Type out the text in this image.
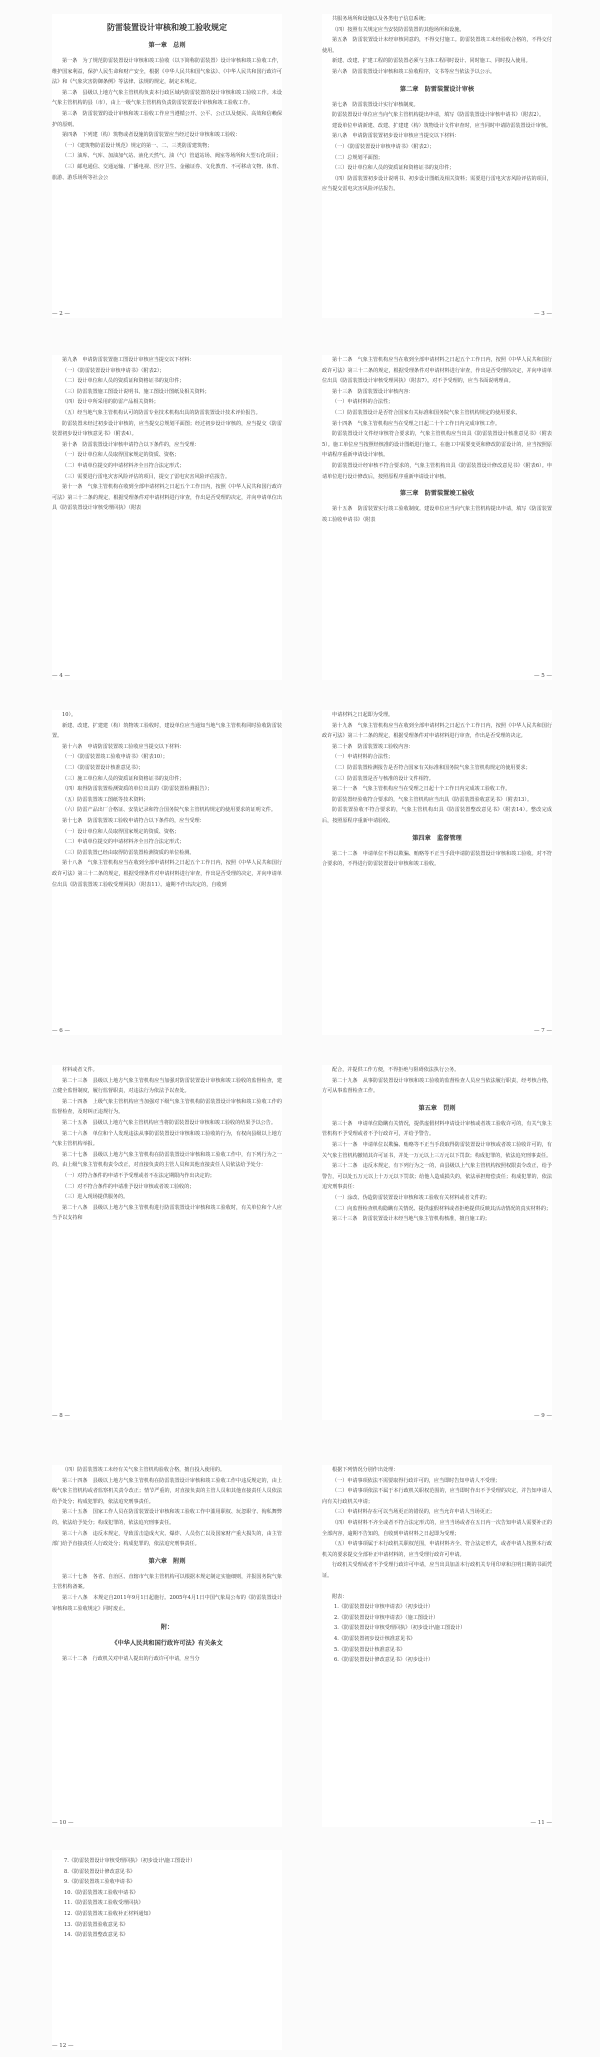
防雷装置设计审核和竣工验收规定
第一章　总则

第一条　为了规范防雷装置设计审核和竣工验收（以下简称防雷装置）设计审核和竣工验收工作，维护国家利益，保护人民生命和财产安全，根据《中华人民共和国气象法》、《中华人民共和国行政许可法》和《气象灾害防御条例》等法律、法规的规定，制定本规定。

第二条　县级以上地方气象主管机构负责本行政区域内防雷装置的设计审核和竣工验收工作。未设气象主管机构的县（市），由上一级气象主管机构负责防雷装置设计审核和竣工验收工作。

第三条　防雷装置的设计审核和竣工验收工作应当遵循公开、公平、公正以及便民、高效和信赖保护的原则。

第四条　下列建（构）筑物或者设施的防雷装置应当经过设计审核和竣工验收：

（一）《建筑物防雷设计规范》规定的第一、二、三类防雷建筑物；

（二）油库、气库、加油加气站、液化天然气、油（气）管道站场、阀室等场所和大型石化项目；

（三）邮电通信、交通运输、广播电视、医疗卫生、金融证券、文化教育、不可移动文物、体育、旅游、游乐场所等社会公

— 2 —

共服务场所和设施以及各类电子信息系统；

（四）按照有关规定应当安装防雷装置的其他场所和设施。

第五条　防雷装置设计未经审核同意的，不得交付施工。防雷装置竣工未经验收合格的，不得交付使用。

新建、改建、扩建工程的防雷装置必须与主体工程同时设计、同时施工、同时投入使用。

第六条　防雷装置设计审核和竣工验收程序，文书等应当依法予以公示。

第二章　防雷装置设计审核

第七条　防雷装置设计实行审核制度。

防雷装置设计单位应当向气象主管机构提出申请，填写《防雷装置设计审核申请书》（附表2）。

建设单位申请新建、改建、扩建建（构）筑物设计文件审查时，应当同时申请防雷装置设计审核。

第八条　申请防雷装置初步设计审核应当提交以下材料：

（一）《防雷装置设计审核申请书》（附表2）；

（二）总规划平面图；

（三）设计单位和人员的资质证和资格证书的复印件；

（四）防雷装置初步设计说明书、初步设计图纸及相关资料；需要进行雷电灾害风险评估的项目，应当提交雷电灾害风险评估报告。

— 3 —

第九条　申请防雷装置施工图设计审核应当提交以下材料：

（一）《防雷装置设计审核申请书》（附表2）；

（二）设计单位和人员的资质证和资格证书的复印件；

（三）防雷装置施工图设计说明书、施工图设计图纸及相关资料；

（四）设计中所采用的防雷产品相关资料；

（五）经当地气象主管机构认可的防雷专业技术机构出具的防雷装置设计技术评价报告。

防雷装置未经过初步设计审核的，应当提交总规划平面图；经过初步设计审核的，应当提交《防雷装置初步设计审核意见书》（附表4）。

第十条　防雷装置设计审核申请符合以下条件的，应当受理：

（一）设计单位和人员取得国家规定的资质、资格；

（二）申请单位提交的申请材料齐全且符合法定形式；

（三）需要进行雷电灾害风险评估的项目，提交了雷电灾害风险评估报告。

第十一条　气象主管机构在收到全部申请材料之日起五个工作日内，按照《中华人民共和国行政许可法》第三十二条的规定，根据受理条件对申请材料进行审查，作出是否受理的决定，并向申请单位出具《防雷装置设计审核受理回执》（附表

— 4 —

第十二条　气象主管机构应当在收到全部申请材料之日起五个工作日内，按照《中华人民共和国行政许可法》第三十二条的规定，根据受理条件对申请材料进行审查，作出是否受理的决定，并向申请单位出具《防雷装置设计审核受理回执》（附表7）。对不予受理的，应当书面说明理由。

第十三条　防雷装置设计审核内容：

（一）申请材料的合法性；

（二）防雷装置设计是否符合国家有关标准和国务院气象主管机构规定的使用要求。

第十四条　气象主管机构应当在受理之日起二十个工作日内完成审核工作。

防雷装置设计文件经审核符合要求的，气象主管机构应当出具《防雷装置设计核准意见书》（附表5）。施工单位应当按照经核准的设计图纸进行施工。在施工中需要变更和修改防雷设计的，应当按照原申请程序重新申请设计审核。

防雷装置设计经审核不符合要求的，气象主管机构出具《防雷装置设计修改意见书》（附表6）。申请单位进行设计修改后，按照原程序重新申请设计审核。

第三章　防雷装置竣工验收

第十五条　防雷装置实行竣工验收制度。建设单位应当向气象主管机构提出申请，填写《防雷装置竣工验收申请书》（附表

— 5 —

10）。

新建、改建、扩建建（构）筑物竣工验收时，建设单位应当通知当地气象主管机构同时验收防雷装置。

第十六条　申请防雷装置竣工验收应当提交以下材料：

（一）《防雷装置竣工验收申请书》（附表10）；

（二）《防雷装置设计核准意见书》；

（三）施工单位和人员的资质证和资格证书的复印件；

（四）取得防雷装置检测资质的单位出具的《防雷装置检测报告》；

（五）防雷装置竣工图纸等技术资料；

（六）防雷产品出厂合格证、安装记录和符合国务院气象主管机构规定的使用要求的证明文件。

第十七条　防雷装置竣工验收申请符合以下条件的，应当受理：

（一）设计单位和人员取得国家规定的资质、资格；

（二）申请单位提交的申请材料齐全且符合法定形式；

（三）防雷装置已经由取得防雷装置检测资质的单位检测。

第十八条　气象主管机构应当在收到全部申请材料之日起五个工作日内，按照《中华人民共和国行政许可法》第三十二条的规定，根据受理条件对申请材料进行审查，作出是否受理的决定，并向申请单位出具《防雷装置竣工验收受理回执》（附表11）。逾期不作出决定的，自收到

— 6 —

申请材料之日起即为受理。

第十九条　气象主管机构应当在收到全部申请材料之日起五个工作日内，按照《中华人民共和国行政许可法》第三十二条的规定，根据受理条件对申请材料进行审查，作出是否受理的决定。

第二十条　防雷装置竣工验收内容：

（一）申请材料的合法性；

（二）防雷装置检测报告是否符合国家有关标准和国务院气象主管机构规定的使用要求；

（三）防雷装置是否与核准的设计文件相符。

第二十一条　气象主管机构应当在受理之日起十个工作日内完成竣工验收工作。

防雷装置经验收符合要求的，气象主管机构应当出具《防雷装置验收意见书》（附表13）。

防雷装置验收不符合要求的，气象主管机构出具《防雷装置整改意见书》（附表14）。整改完成后，按照原程序重新申请验收。

第四章　监督管理

第二十二条　申请单位不得以欺骗、贿赂等不正当手段申请防雷装置设计审核和竣工验收。对不符合要求的，不得进行防雷装置设计审核和竣工验收。

— 7 —

材料或者文件。

第二十三条　县级以上地方气象主管机构应当加强对防雷装置设计审核和竣工验收的监督检查，建立健全监督制度，履行监督职责，对违法行为依法予以查处。

第二十四条　上级气象主管机构应当加强对下级气象主管机构防雷装置设计审核和竣工验收工作的监督检查，及时纠正违规行为。

第二十五条　县级以上地方气象主管机构应当将防雷装置设计审核和竣工验收的结果予以公告。

第二十六条　单位和个人发现违法从事防雷装置设计审核和竣工验收的行为，有权向县级以上地方气象主管机构举报。

第二十七条　县级以上地方气象主管机构在防雷装置设计审核和竣工验收工作中，有下列行为之一的，由上级气象主管机构责令改正，对直接负责的主管人员和其他直接责任人员依法给予处分：

（一）对符合条件的申请不予受理或者不在法定期限内作出决定的；

（二）对不符合条件的申请准予设计审核或者竣工验收的；

（三）进入现场提供服务的。

第二十八条　县级以上地方气象主管机构进行防雷装置设计审核和竣工验收时，有关单位和个人应当予以支持和

— 8 —

配合，并提供工作方便，不得拒绝与阻碍依法执行公务。

第二十九条　从事防雷装置设计审核和竣工验收的监督检查人员应当依法履行职责，经考核合格，方可从事监督检查工作。

第五章　罚则

第三十条　申请单位隐瞒有关情况，提供虚假材料申请设计审核或者竣工验收许可的，有关气象主管机构不予受理或者不予行政许可，并给予警告。

第三十一条　申请单位以欺骗、贿赂等不正当手段取得防雷装置设计审核或者竣工验收许可的，有关气象主管机构撤销其许可证书，并处一万元以上三万元以下罚款；构成犯罪的，依法追究刑事责任。

第三十二条　违反本规定，有下列行为之一的，由县级以上气象主管机构按照权限责令改正，给予警告，可以处五万元以上十万元以下罚款；给他人造成损失的，依法承担赔偿责任；构成犯罪的，依法追究刑事责任：

（一）涂改、伪造防雷装置设计审核和竣工验收有关材料或者文件的；

（二）向监督检查机构隐瞒有关情况、提供虚假材料或者拒绝提供反映其活动情况的真实材料的；

第三十三条　防雷装置设计未经当地气象主管机构核准，擅自施工的；

— 9 —

（四）防雷装置竣工未经有关气象主管机构验收合格，擅自投入使用的。

第三十四条　县级以上地方气象主管机构在防雷装置设计审核和竣工验收工作中违反规定的，由上级气象主管机构或者监察机关责令改正；情节严重的，对直接负责的主管人员和其他直接责任人员依法给予处分；构成犯罪的，依法追究刑事责任。

第三十五条　国家工作人员在防雷装置设计审核和竣工验收工作中滥用职权、玩忽职守、徇私舞弊的，依法给予处分；构成犯罪的，依法追究刑事责任。

第三十六条　违反本规定，导致雷击造成火灾、爆炸、人员伤亡以及国家财产重大损失的，由主管部门给予直接责任人行政处分；构成犯罪的，依法追究刑事责任。

第六章　附则

第三十七条　各省、自治区、直辖市气象主管机构可以根据本规定制定实施细则，并报国务院气象主管机构备案。

第三十八条　本规定自2011年9月1日起施行。2005年4月1日中国气象局公布的《防雷装置设计审核和竣工验收规定》同时废止。

附：
《中华人民共和国行政许可法》有关条文

第三十二条　行政机关对申请人提出的行政许可申请，应当分

— 10 —

根据下列情况分别作出处理：

（一）申请事项依法不需要取得行政许可的，应当即时告知申请人不受理；

（二）申请事项依法不属于本行政机关职权范围的，应当即时作出不予受理的决定，并告知申请人向有关行政机关申请；

（三）申请材料存在可以当场更正的错误的，应当允许申请人当场更正；

（四）申请材料不齐全或者不符合法定形式的，应当当场或者在五日内一次告知申请人需要补正的全部内容，逾期不告知的，自收到申请材料之日起即为受理；

（五）申请事项属于本行政机关职权范围，申请材料齐全、符合法定形式，或者申请人按照本行政机关的要求提交全部补正申请材料的，应当受理行政许可申请。

行政机关受理或者不予受理行政许可申请，应当出具加盖本行政机关专用印章和注明日期的书面凭证。

附表：

1.《防雷装置设计审核申请表》（初步设计）

2.《防雷装置设计审核申请表》（施工图设计）

3.《防雷装置设计审核受理回执》（初步设计\施工图设计）

4.《防雷装置初步设计核准意见书》

5.《防雷装置设计核准意见书》

6.《防雷装置设计修改意见书》（初步设计）

— 11 —

7.《防雷装置设计审核受理回执》（初步设计\施工图设计）

8.《防雷装置设计修改意见书》

9.《防雷装置竣工验收申请书》

10.《防雷装置竣工验收申请书》

11.《防雷装置竣工验收受理回执》

12.《防雷装置竣工验收补正材料通知》

13.《防雷装置验收意见书》

14.《防雷装置整改意见书》

— 12 —
